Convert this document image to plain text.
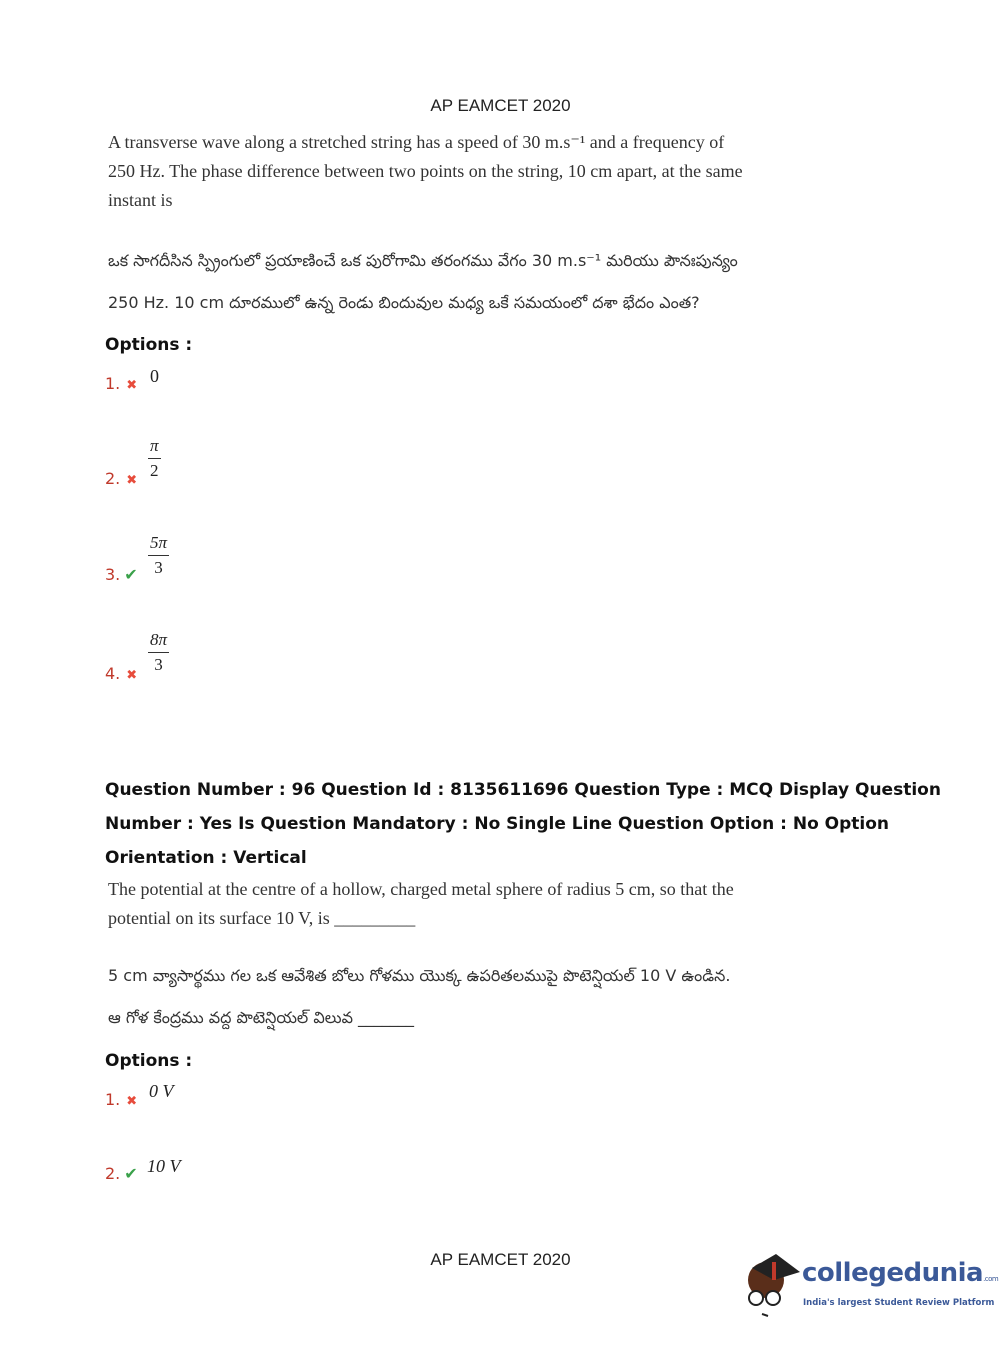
AP EAMCET 2020
A transverse wave along a stretched string has a speed of 30 m.s⁻¹ and a frequency of
250 Hz. The phase difference between two points on the string, 10 cm apart, at the same
instant is
ఒక సాగదీసిన స్ప్రింగులో ప్రయాణించే ఒక పురోగామి తరంగము వేగం 30 m.s⁻¹ మరియు పౌనఃపున్యం
250 Hz. 10 cm దూరములో ఉన్న రెండు బిందువుల మధ్య ఒకే సమయంలో దశా భేదం ఎంత?
Options :
1. ✖ 0
2. ✖ $\frac{\pi}{2}$
3. ✔ $\frac{5\pi}{3}$
4. ✖
$\frac{8\pi}{3}$
Question Number : 96 Question Id : 8135611696 Question Type : MCQ Display Question
Number : Yes Is Question Mandatory : No Single Line Question Option : No Option
Orientation : Vertical
The potential at the centre of a hollow, charged metal sphere of radius 5 cm, so that the
potential on its surface 10 V, is _________
5 cm వ్యాసార్థము గల ఒక ఆవేశిత బోలు గోళము యొక్క ఉపరితలముపై పొటెన్షియల్ 10 V ఉండిన.
ఆ గోళ కేంద్రము వద్ద పొటెన్షియల్ విలువ _______
Options :
1. ✖
0 V
2. ✔ 10 V
AP EAMCET 2020	collegedunia.com
India's largest Student Review Platform
